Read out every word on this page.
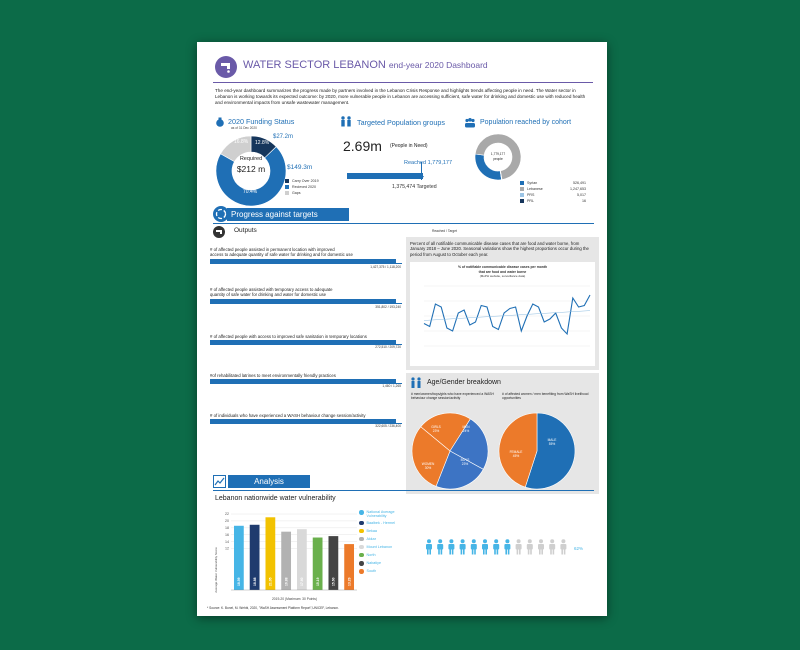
WATER SECTOR LEBANON end-year 2020 Dashboard
The end-year dashboard summarizes the progress made by partners involved in the Lebanon Crisis Response and highlights trends affecting people in need. The Water sector in Lebanon is working towards its expected outcome: by 2020, more vulnerable people in Lebanon are accessing sufficient, safe water for drinking and domestic use with reduced health and environmental impacts from unsafe wastewater management.
2020 Funding Status
as of 31 Dec 2020
Required
$212 m
16.8% 12.8%
70.4%
$27.2m
$149.3m
Carry Over 2019
Recieved 2020
Gaps
Targeted Population groups
2.69m (People in Need)
Reached 1,779,177
1,375,474 Targeted
Population reached by cohort
1,779,177
people
Syrian	526,491
Lebanese	1,247,653
PRS	5,017
PRL	16
Progress against targets
Outputs	Reached / Target
# of affected people assisted in permanent location with improved
access to adequate quantity of safe water for drinking and for domestic use
1,427,375 / 1,118,200
# of affected people assisted with temporary access to adequate
quantity of safe water for drinking and water for domestic use
351,802 / 193,240
# of affected people with access to improved safe sanitation in temporary locations
272,510 / 209,720
#of rehabilitated latrines to meet environmentally friendly practices
1,460 / 1,265
# of individuals who have experienced a WASH behaviour change session/activity
322,605 / 236,400
Percent of all notifiable communicable disease cases that are food and water borne, from January 2018 – June 2020. Seasonal variations show the highest proportions occur during the period from August to October each year.
% of notifiable communicable disease cases per month
that are food and water borne
(MoPH website, surveillance data)
Age/Gender breakdown
# men/women/boys/girls who have experienced a WASH behaviour change session/activity
# of affected women / men benefiting from WaSH livelihood opportunities
GIRLS
23%
MEN
24%
BOYS
23%
WOMEN
30%
MALE
55%
FEMALE
45%
Analysis
Lebanon nationwide water vulnerability
12
14
16
18
20
22
18.59	18.88	21.05	16.88	17.60	15.19	15.60	13.29
Average Water Vulnerability Score
2019-20 (Maximum: 30 Points)
National Average Vulnerability
Baalbek - Hermel
Bekaa
Akkar
Mount Lebanon
North
Nabatiye
South
62%
* Source: K. Bonel, M. Wehbi, 2020, "WaSH Assessment Platform Report",UNICEF, Lebanon.
